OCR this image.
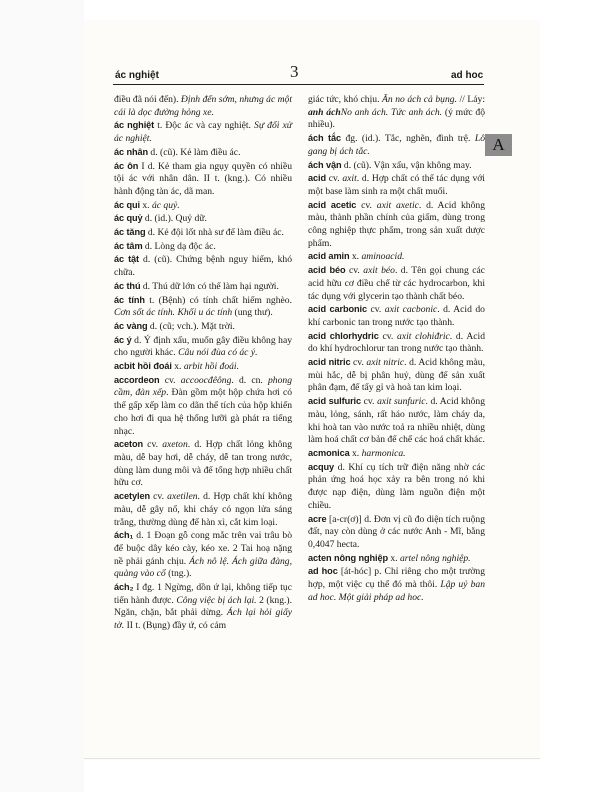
ác nghiệt	3	ad hoc

điều đã nói đến). Định đến sớm, nhưng ác một cái là dọc đường hỏng xe.

ác nghiệt t. Độc ác và cay nghiệt. Sự đối xử ác nghiệt.

ác nhân d. (cũ). Kẻ làm điều ác.

ác ôn I d. Kẻ tham gia ngụy quyền có nhiều tội ác với nhân dân. II t. (kng.). Có nhiều hành động tàn ác, dã man.

ác quỉ x. ác quỷ.

ác quỷ d. (id.). Quỷ dữ.

ác tăng d. Kẻ đội lốt nhà sư để làm điều ác.

ác tâm d. Lòng dạ độc ác.

ác tật d. (cũ). Chứng bệnh nguy hiểm, khó chữa.

ác thú d. Thú dữ lớn có thể làm hại người.

ác tính t. (Bệnh) có tính chất hiểm nghèo. Cơn sốt ác tính. Khối u ác tính (ung thư).

ác vàng d. (cũ; vch.). Mặt trời.

ác ý d. Ý định xấu, muốn gây điều không hay cho người khác. Câu nói đùa có ác ý.

acbit hồi đoái x. arbit hồi đoái.

accordeon cv. accoocđêông. d. cn. phong cầm, đàn xếp. Đàn gồm một hộp chứa hơi có thể gấp xếp làm co dãn thể tích của hộp khiến cho hơi đi qua hệ thống lưỡi gà phát ra tiếng nhạc.

aceton cv. axeton. d. Hợp chất lỏng không màu, dễ bay hơi, dễ cháy, dễ tan trong nước, dùng làm dung môi và để tổng hợp nhiều chất hữu cơ.

acetylen cv. axetilen. d. Hợp chất khí không màu, dễ gây nổ, khi cháy có ngọn lửa sáng trắng, thường dùng để hàn xì, cắt kim loại.

ách₁ d. 1 Đoạn gỗ cong mắc trên vai trâu bò để buộc dây kéo cày, kéo xe. 2 Tai hoạ nặng nề phải gánh chịu. Ách nô lệ. Ách giữa đàng, quàng vào cổ (tng.).

ách₂ I đg. 1 Ngừng, dồn ứ lại, không tiếp tục tiến hành được. Công việc bị ách lại. 2 (kng.). Ngăn, chặn, bắt phải dừng. Ách lại hỏi giấy tờ. II t. (Bụng) đầy ứ, có cảm

giác tức, khó chịu. Ăn no ách cả bụng. // Láy: anh áchNo anh ách. Tức anh ách. (ý mức độ nhiều).

ách tắc đg. (id.). Tắc, nghẽn, đình trệ. Lô gang bị ách tắc.

ách vận d. (cũ). Vận xấu, vận không may.

acid cv. axit. d. Hợp chất có thể tác dụng với một base làm sinh ra một chất muối.

acid acetic cv. axit axetic. d. Acid không màu, thành phần chính của giấm, dùng trong công nghiệp thực phẩm, trong sản xuất dược phẩm.

acid amin x. aminoacid.

acid béo cv. axit béo. d. Tên gọi chung các acid hữu cơ điều chế từ các hydrocarbon, khi tác dụng với glycerin tạo thành chất béo.

acid carbonic cv. axit cacbonic. d. Acid do khí carbonic tan trong nước tạo thành.

acid chlorhydric cv. axit clohiđric. d. Acid do khí hydrochlorur tan trong nước tạo thành.

acid nitric cv. axit nitric. d. Acid không màu, mùi hắc, dễ bị phân huỷ, dùng để sản xuất phân đạm, để tẩy gỉ và hoà tan kim loại.

acid sulfuric cv. axit sunfuric. d. Acid không màu, lỏng, sánh, rất háo nước, làm cháy da, khi hoà tan vào nước toả ra nhiều nhiệt, dùng làm hoá chất cơ bản để chế các hoá chất khác.

acmonica x. harmonica.

acquy d. Khí cụ tích trữ điện năng nhờ các phản ứng hoá học xảy ra bên trong nó khi được nạp điện, dùng làm nguồn điện một chiều.

acre [a-cr(ơ)] d. Đơn vị cũ đo diện tích ruộng đất, nay còn dùng ở các nước Anh - Mĩ, bằng 0,4047 hecta.

acten nông nghiệp x. artel nông nghiệp.

ad hoc [át-hóc] p. Chỉ riêng cho một trường hợp, một việc cụ thể đó mà thôi. Lập uỷ ban ad hoc. Một giải pháp ad hoc.

A
